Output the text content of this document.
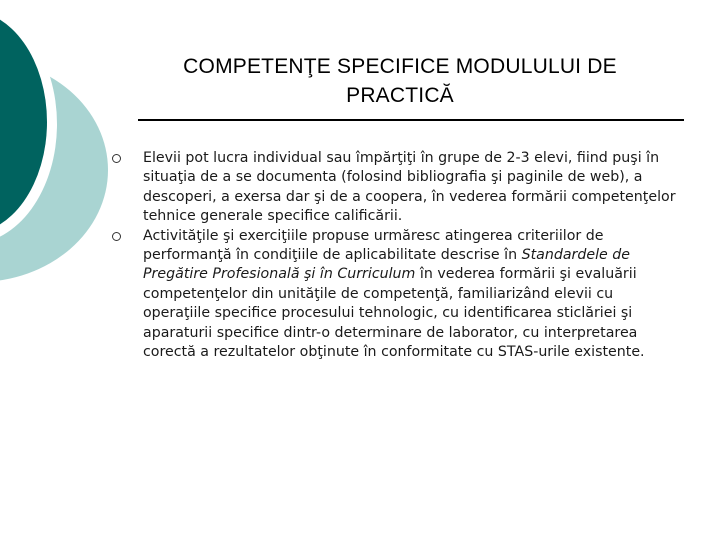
COMPETENŢE SPECIFICE MODULULUI DE PRACTICĂ
Elevii pot lucra individual sau împărţiţi în grupe de 2-3 elevi, fiind puşi în situaţia de a se documenta (folosind bibliografia şi paginile de web), a descoperi, a exersa dar şi de a coopera, în vederea formării competenţelor tehnice generale specifice calificării.
Activităţile şi exerciţiile propuse urmăresc atingerea criteriilor de performanţă în condiţiile de aplicabilitate descrise în Standardele de Pregătire Profesională şi în Curriculum în vederea formării şi evaluării competenţelor din unităţile de competenţă, familiarizând elevii cu operaţiile specifice procesului tehnologic, cu identificarea sticlăriei şi aparaturii specifice dintr-o determinare de laborator, cu interpretarea corectă a rezultatelor obţinute în conformitate cu STAS-urile existente.
